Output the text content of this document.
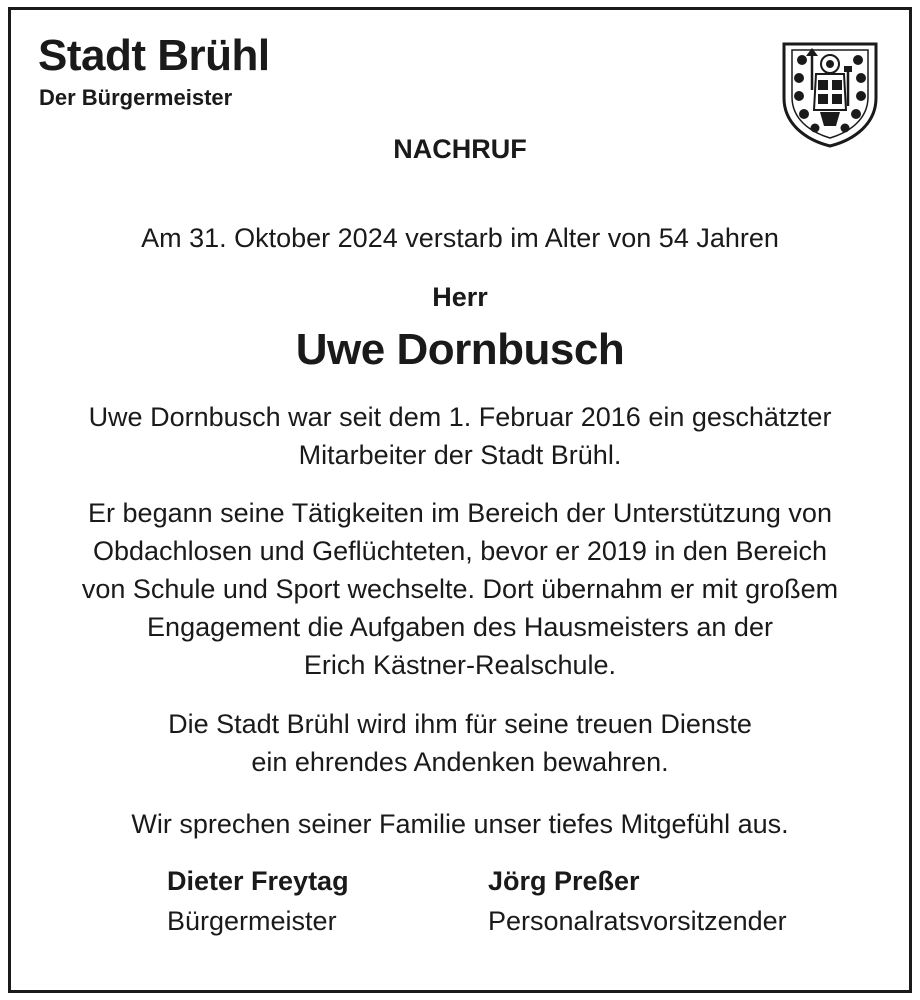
Stadt Brühl
Der Bürgermeister
NACHRUF
Am 31. Oktober 2024 verstarb im Alter von 54 Jahren
Herr
Uwe Dornbusch
Uwe Dornbusch war seit dem 1. Februar 2016 ein geschätzter
Mitarbeiter der Stadt Brühl.
Er begann seine Tätigkeiten im Bereich der Unterstützung von
Obdachlosen und Geflüchteten, bevor er 2019 in den Bereich
von Schule und Sport wechselte. Dort übernahm er mit großem
Engagement die Aufgaben des Hausmeisters an der
Erich Kästner-Realschule.
Die Stadt Brühl wird ihm für seine treuen Dienste
ein ehrendes Andenken bewahren.
Wir sprechen seiner Familie unser tiefes Mitgefühl aus.
Dieter Freytag
Bürgermeister
Jörg Preßer
Personalratsvorsitzender
